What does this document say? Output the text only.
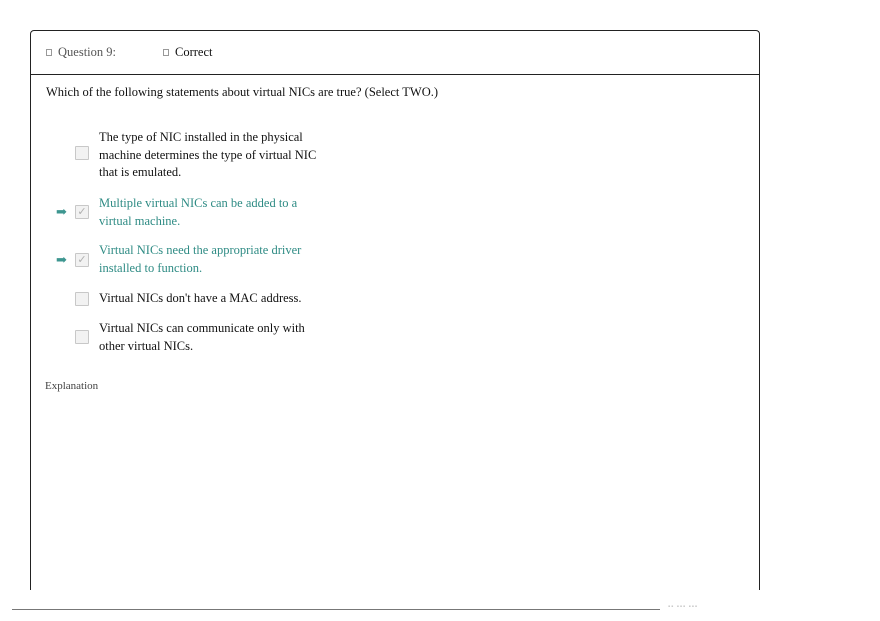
Question 9:	Correct
Which of the following statements about virtual NICs are true? (Select TWO.)
The type of NIC installed in the physical machine determines the type of virtual NIC that is emulated.
➡ ✓
Multiple virtual NICs can be added to a virtual machine.
➡ ✓
Virtual NICs need the appropriate driver installed to function.
Virtual NICs don't have a MAC address.
Virtual NICs can communicate only with other virtual NICs.
Explanation
▪▪ ▪▪▪ ▪▪▪
